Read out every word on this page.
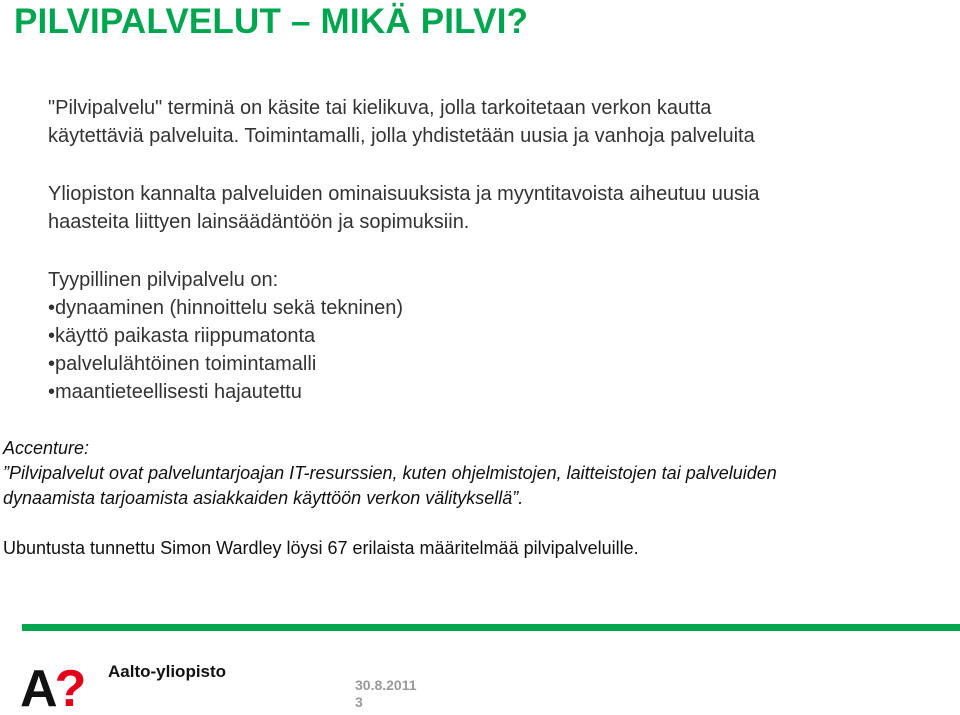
PILVIPALVELUT – MIKÄ PILVI?
"Pilvipalvelu" terminä on käsite tai kielikuva, jolla tarkoitetaan verkon kautta
käytettäviä palveluita. Toimintamalli, jolla yhdistetään uusia ja vanhoja palveluita
Yliopiston kannalta palveluiden ominaisuuksista ja myyntitavoista aiheutuu uusia
haasteita liittyen lainsäädäntöön ja sopimuksiin.
Tyypillinen pilvipalvelu on:
•dynaaminen (hinnoittelu sekä tekninen)
•käyttö paikasta riippumatonta
•palvelulähtöinen toimintamalli
•maantieteellisesti hajautettu
Accenture:
”Pilvipalvelut ovat palveluntarjoajan IT-resurssien, kuten ohjelmistojen, laitteistojen tai palveluiden
dynaamista tarjoamista asiakkaiden käyttöön verkon välityksellä”.
Ubuntusta tunnettu Simon Wardley löysi 67 erilaista määritelmää pilvipalveluille.
A? Aalto-yliopisto
30.8.2011
3
